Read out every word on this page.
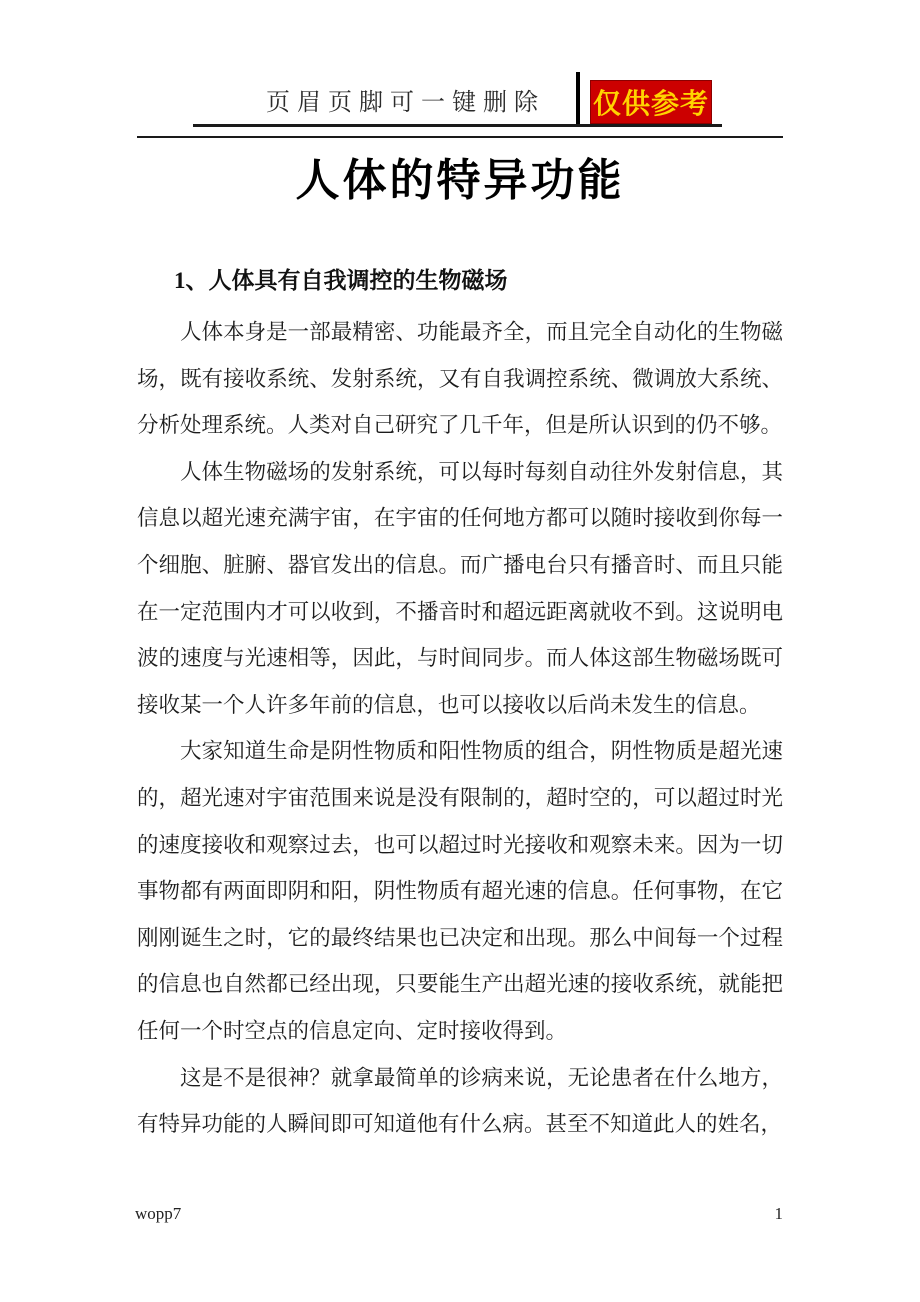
页眉页脚可一键删除 仅供参考
人体的特异功能
1、人体具有自我调控的生物磁场

人体本身是一部最精密、功能最齐全，而且完全自动化的生物磁场，既有接收系统、发射系统，又有自我调控系统、微调放大系统、分析处理系统。人类对自己研究了几千年，但是所认识到的仍不够。

人体生物磁场的发射系统，可以每时每刻自动往外发射信息，其信息以超光速充满宇宙，在宇宙的任何地方都可以随时接收到你每一个细胞、脏腑、器官发出的信息。而广播电台只有播音时、而且只能在一定范围内才可以收到，不播音时和超远距离就收不到。这说明电波的速度与光速相等，因此，与时间同步。而人体这部生物磁场既可接收某一个人许多年前的信息，也可以接收以后尚未发生的信息。

大家知道生命是阴性物质和阳性物质的组合，阴性物质是超光速的，超光速对宇宙范围来说是没有限制的，超时空的，可以超过时光的速度接收和观察过去，也可以超过时光接收和观察未来。因为一切事物都有两面即阴和阳，阴性物质有超光速的信息。任何事物，在它刚刚诞生之时，它的最终结果也已决定和出现。那么中间每一个过程的信息也自然都已经出现，只要能生产出超光速的接收系统，就能把任何一个时空点的信息定向、定时接收得到。

这是不是很神？就拿最简单的诊病来说，无论患者在什么地方，有特异功能的人瞬间即可知道他有什么病。甚至不知道此人的姓名，

wopp7	1
